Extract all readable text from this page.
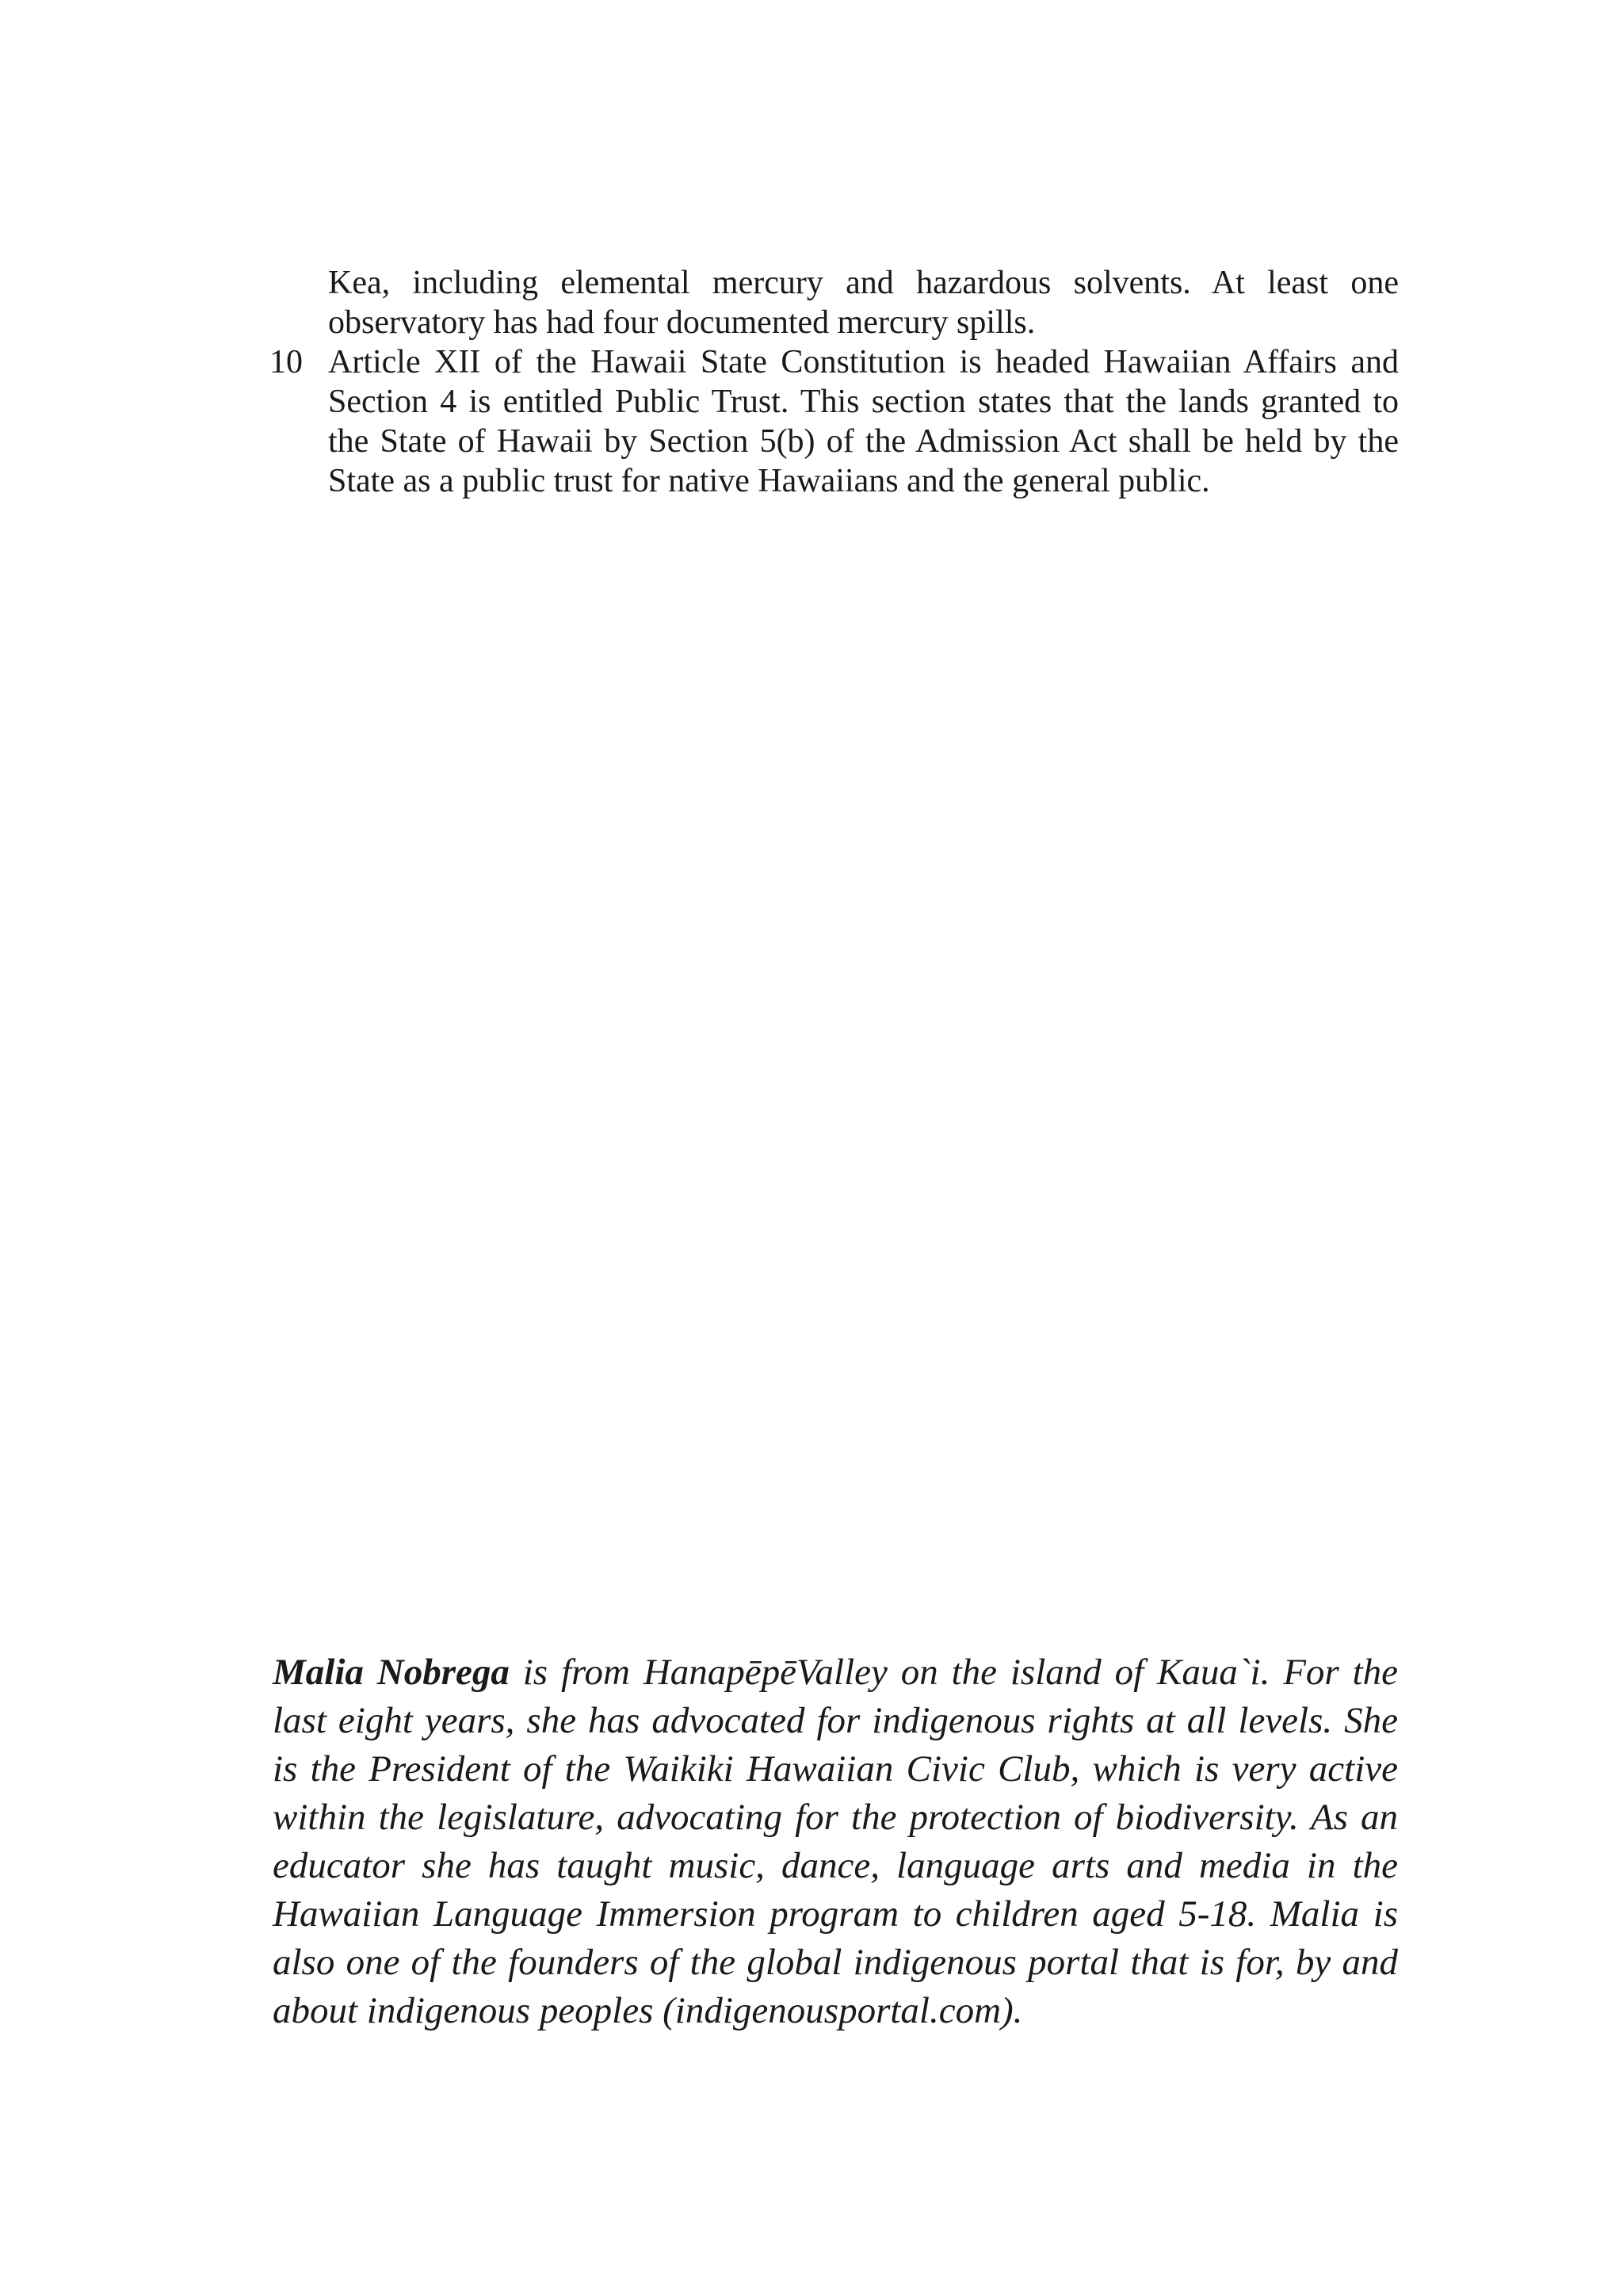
Kea, including elemental mercury and hazardous solvents. At least one observatory has had four documented mercury spills.

10 Article XII of the Hawaii State Constitution is headed Hawaiian Affairs and Section 4 is entitled Public Trust. This section states that the lands granted to the State of Hawaii by Section 5(b) of the Admission Act shall be held by the State as a public trust for native Hawaiians and the general public.

Malia Nobrega is from HanapēpēValley on the island of Kaua`i. For the last eight years, she has advocated for indigenous rights at all levels. She is the President of the Waikiki Hawaiian Civic Club, which is very active within the legislature, advocating for the protection of biodiversity. As an educator she has taught music, dance, language arts and media in the Hawaiian Language Immersion program to children aged 5-18. Malia is also one of the founders of the global indigenous portal that is for, by and about indigenous peoples (indigenousportal.com).
